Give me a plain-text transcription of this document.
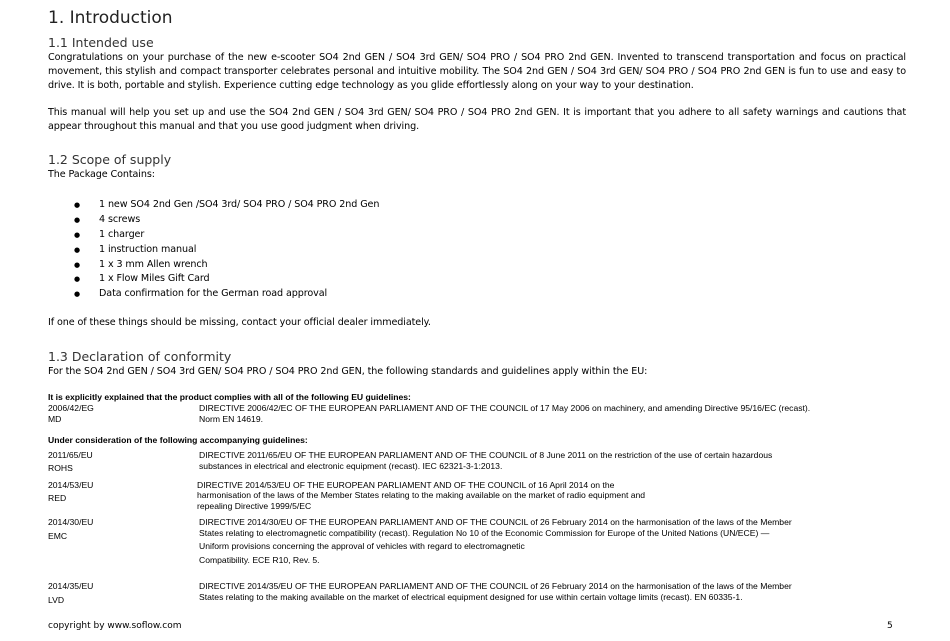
1. Introduction
1.1 Intended use
Congratulations on your purchase of the new e-scooter SO4 2nd GEN / SO4 3rd GEN/ SO4 PRO / SO4 PRO 2nd GEN. Invented to transcend transportation and focus on practical movement, this stylish and compact transporter celebrates personal and intuitive mobility. The SO4 2nd GEN / SO4 3rd GEN/ SO4 PRO / SO4 PRO 2nd GEN is fun to use and easy to drive. It is both, portable and stylish. Experience cutting edge technology as you glide effortlessly along on your way to your destination.
This manual will help you set up and use the SO4 2nd GEN / SO4 3rd GEN/ SO4 PRO / SO4 PRO 2nd GEN. It is important that you adhere to all safety warnings and cautions that appear throughout this manual and that you use good judgment when driving.
1.2 Scope of supply
The Package Contains:
● 1 new SO4 2nd Gen /SO4 3rd/ SO4 PRO / SO4 PRO 2nd Gen
● 4 screws
● 1 charger
● 1 instruction manual
● 1 x 3 mm Allen wrench
● 1 x Flow Miles Gift Card
● Data confirmation for the German road approval
If one of these things should be missing, contact your official dealer immediately.
1.3 Declaration of conformity
For the SO4 2nd GEN / SO4 3rd GEN/ SO4 PRO / SO4 PRO 2nd GEN, the following standards and guidelines apply within the EU:
It is explicitly explained that the product complies with all of the following EU guidelines:
2006/42/EG
MD
DIRECTIVE 2006/42/EC OF THE EUROPEAN PARLIAMENT AND OF THE COUNCIL of 17 May 2006 on machinery, and amending Directive 95/16/EC (recast).
Norm EN 14619.
Under consideration of the following accompanying guidelines:
2011/65/EU
ROHS
DIRECTIVE 2011/65/EU OF THE EUROPEAN PARLIAMENT AND OF THE COUNCIL of 8 June 2011 on the restriction of the use of certain hazardous
substances in electrical and electronic equipment (recast). IEC 62321-3-1:2013.
2014/53/EU
RED
DIRECTIVE 2014/53/EU OF THE EUROPEAN PARLIAMENT AND OF THE COUNCIL of 16 April 2014 on the
harmonisation of the laws of the Member States relating to the making available on the market of radio equipment and
repealing Directive 1999/5/EC
2014/30/EU
EMC
DIRECTIVE 2014/30/EU OF THE EUROPEAN PARLIAMENT AND OF THE COUNCIL of 26 February 2014 on the harmonisation of the laws of the Member
States relating to electromagnetic compatibility (recast). Regulation No 10 of the Economic Commission for Europe of the United Nations (UN/ECE) —
Uniform provisions concerning the approval of vehicles with regard to electromagnetic
Compatibility. ECE R10, Rev. 5.
2014/35/EU
LVD
DIRECTIVE 2014/35/EU OF THE EUROPEAN PARLIAMENT AND OF THE COUNCIL of 26 February 2014 on the harmonisation of the laws of the Member
States relating to the making available on the market of electrical equipment designed for use within certain voltage limits (recast). EN 60335-1.
copyright by www.soflow.com	5
